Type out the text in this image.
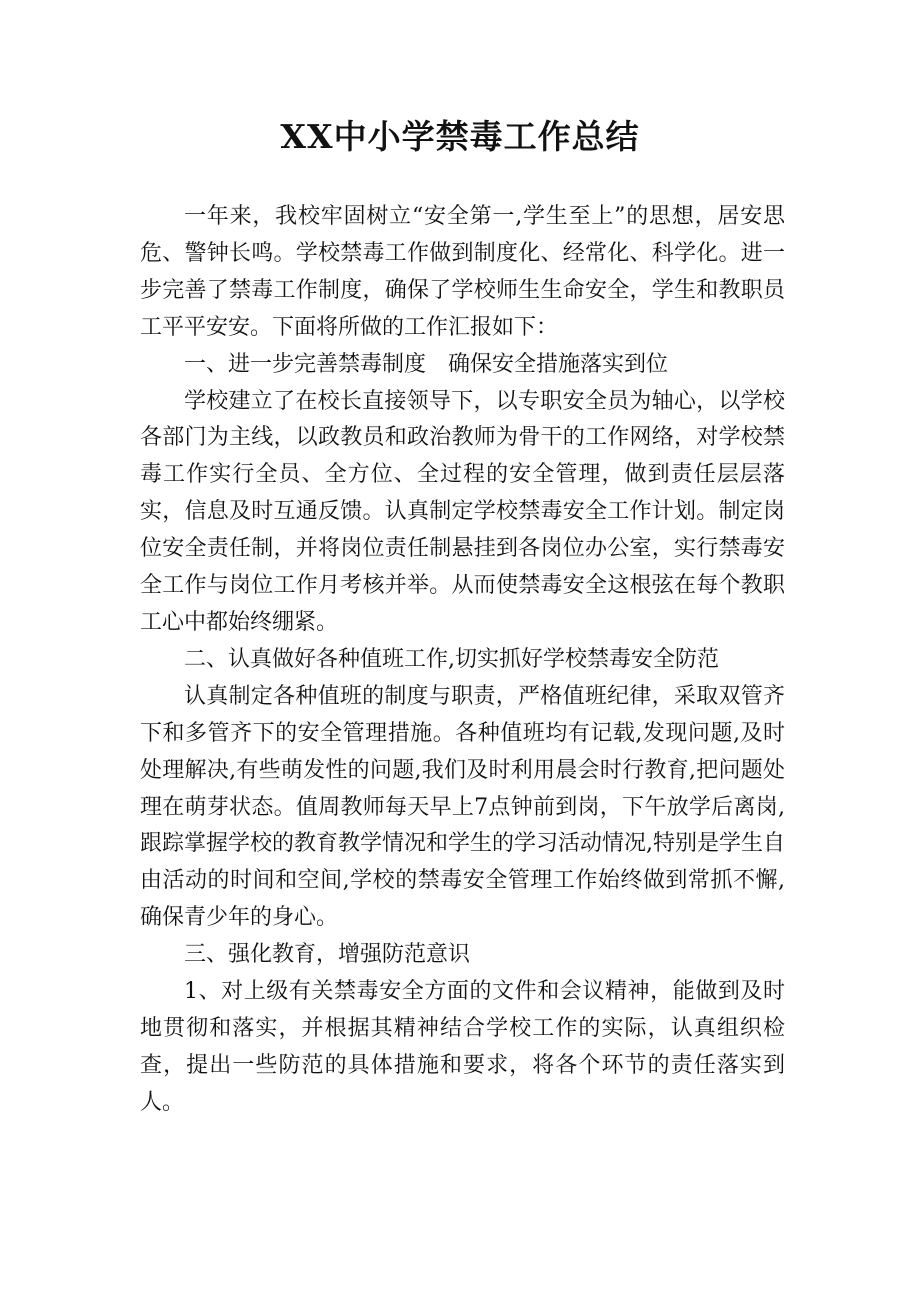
XX中小学禁毒工作总结

一年来，我校牢固树立“安全第一,学生至上”的思想，居安思危、警钟长鸣。学校禁毒工作做到制度化、经常化、科学化。进一步完善了禁毒工作制度，确保了学校师生生命安全，学生和教职员工平平安安。下面将所做的工作汇报如下：

一、进一步完善禁毒制度　确保安全措施落实到位

学校建立了在校长直接领导下，以专职安全员为轴心，以学校各部门为主线，以政教员和政治教师为骨干的工作网络，对学校禁毒工作实行全员、全方位、全过程的安全管理，做到责任层层落实，信息及时互通反馈。认真制定学校禁毒安全工作计划。制定岗位安全责任制，并将岗位责任制悬挂到各岗位办公室，实行禁毒安全工作与岗位工作月考核并举。从而使禁毒安全这根弦在每个教职工心中都始终绷紧。

二、认真做好各种值班工作,切实抓好学校禁毒安全防范

认真制定各种值班的制度与职责，严格值班纪律，采取双管齐下和多管齐下的安全管理措施。各种值班均有记载,发现问题,及时处理解决,有些萌发性的问题,我们及时利用晨会时行教育,把问题处理在萌芽状态。值周教师每天早上7点钟前到岗，下午放学后离岗,跟踪掌握学校的教育教学情况和学生的学习活动情况,特别是学生自由活动的时间和空间,学校的禁毒安全管理工作始终做到常抓不懈,确保青少年的身心。

三、强化教育，增强防范意识

1、对上级有关禁毒安全方面的文件和会议精神，能做到及时地贯彻和落实，并根据其精神结合学校工作的实际，认真组织检查，提出一些防范的具体措施和要求，将各个环节的责任落实到人。
